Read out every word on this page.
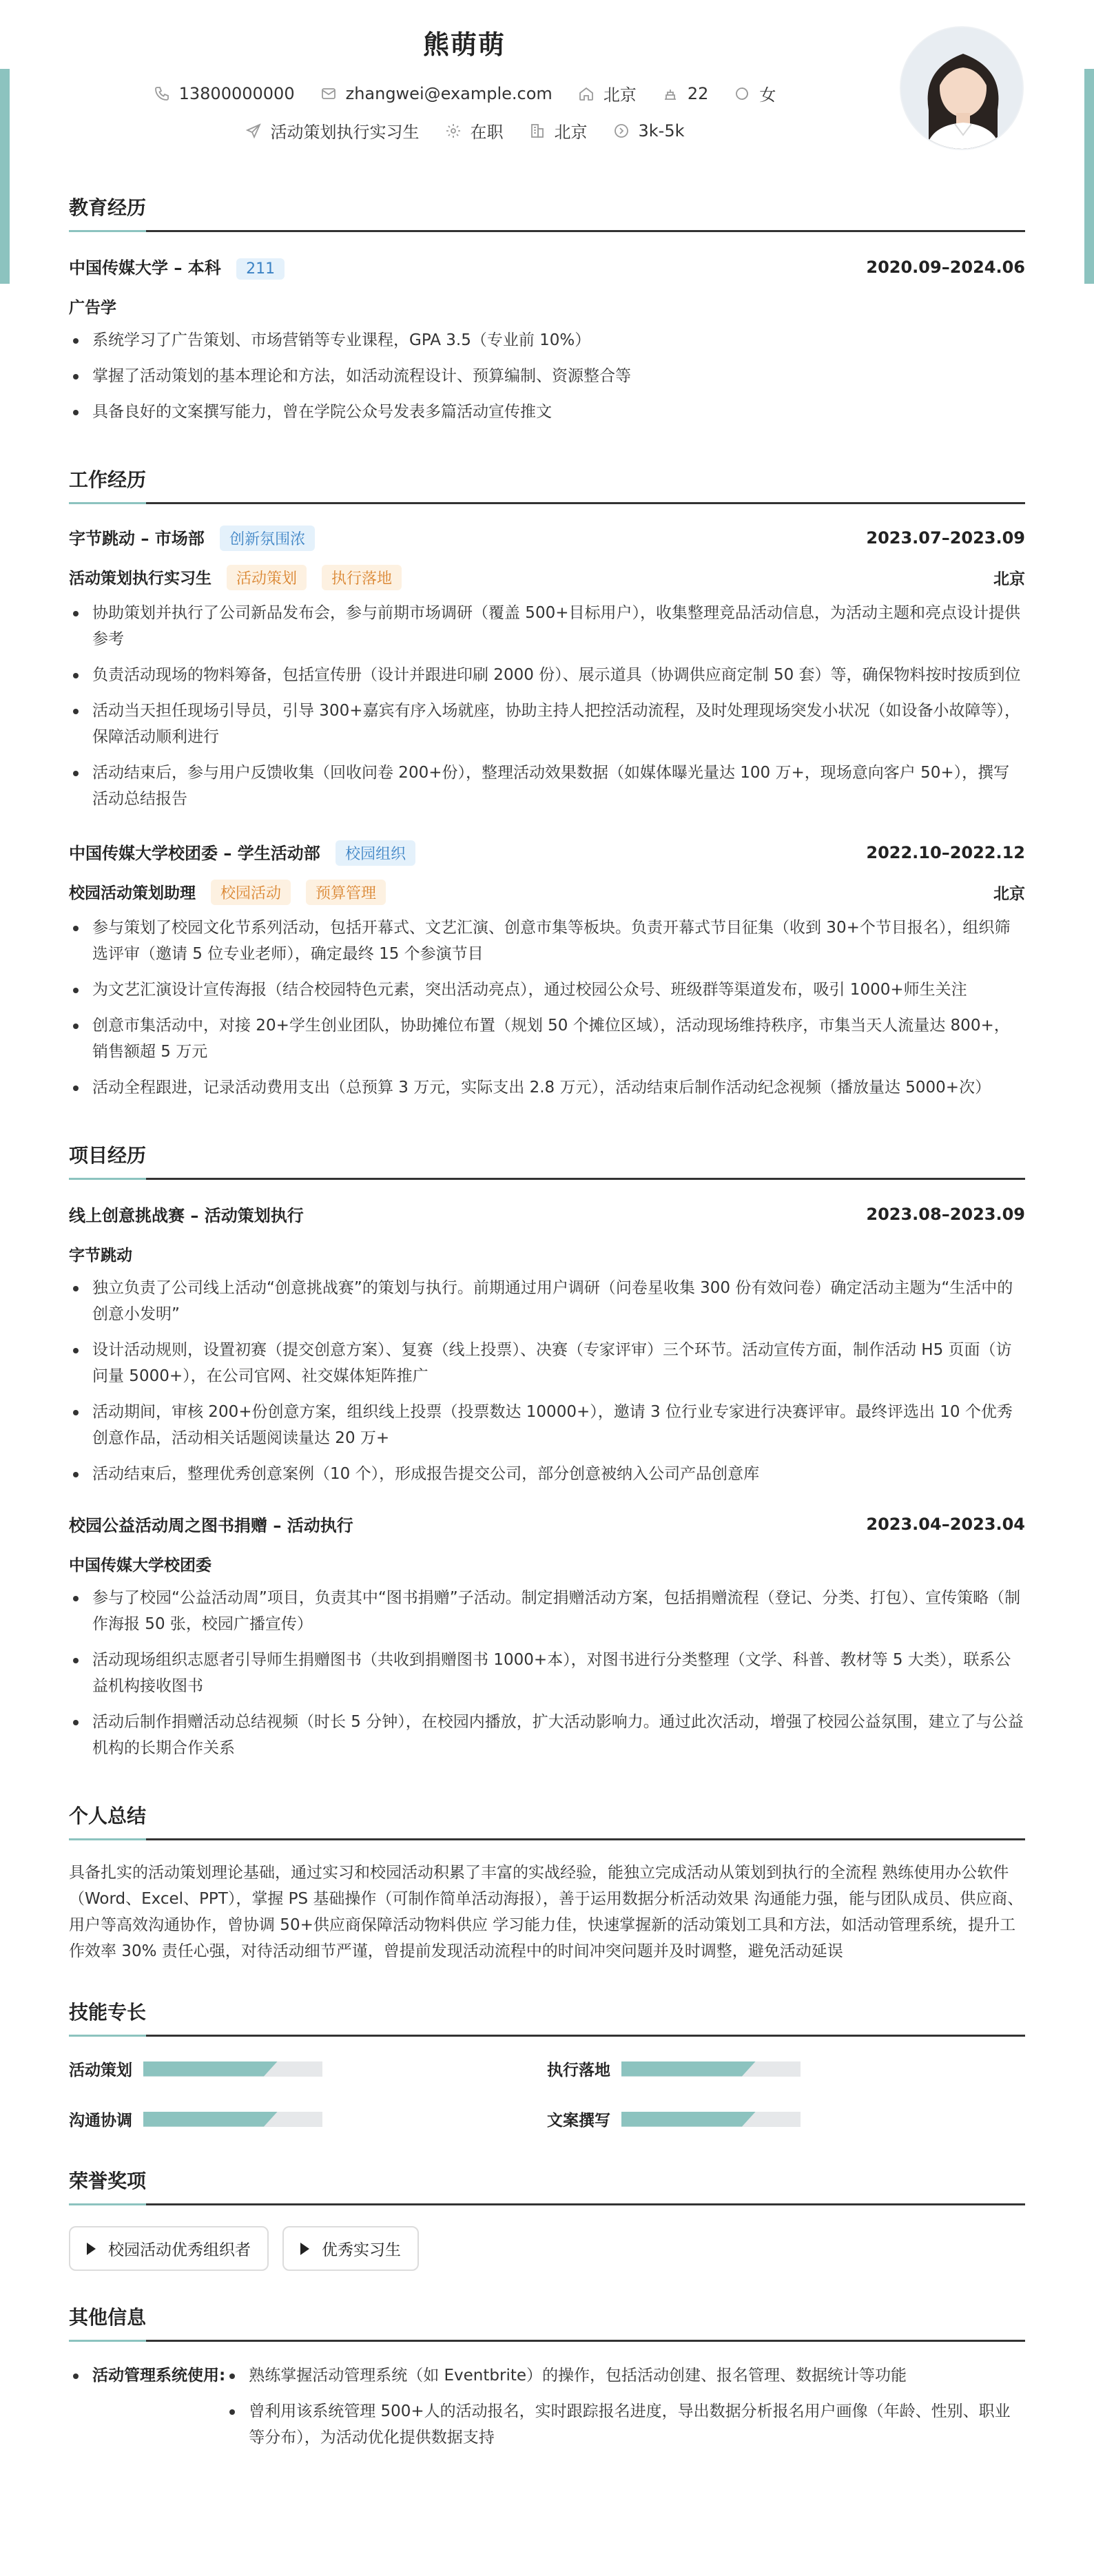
熊萌萌
13800000000	zhangwei@example.com	北京	22	女
活动策划执行实习生	在职	北京	3k-5k
教育经历
中国传媒大学 – 本科 211	2020.09–2024.06
广告学
系统学习了广告策划、市场营销等专业课程，GPA 3.5（专业前 10%）
掌握了活动策划的基本理论和方法，如活动流程设计、预算编制、资源整合等
具备良好的文案撰写能力，曾在学院公众号发表多篇活动宣传推文
工作经历
字节跳动 – 市场部 创新氛围浓	2023.07–2023.09
活动策划执行实习生 活动策划 执行落地	北京
协助策划并执行了公司新品发布会，参与前期市场调研（覆盖 500+目标用户），收集整理竞品活动信息，为活动主题和亮点设计提供参考
负责活动现场的物料筹备，包括宣传册（设计并跟进印刷 2000 份）、展示道具（协调供应商定制 50 套）等，确保物料按时按质到位
活动当天担任现场引导员，引导 300+嘉宾有序入场就座，协助主持人把控活动流程，及时处理现场突发小状况（如设备小故障等），保障活动顺利进行
活动结束后，参与用户反馈收集（回收问卷 200+份），整理活动效果数据（如媒体曝光量达 100 万+，现场意向客户 50+），撰写活动总结报告
中国传媒大学校团委 – 学生活动部 校园组织	2022.10–2022.12
校园活动策划助理 校园活动 预算管理	北京
参与策划了校园文化节系列活动，包括开幕式、文艺汇演、创意市集等板块。负责开幕式节目征集（收到 30+个节目报名），组织筛选评审（邀请 5 位专业老师），确定最终 15 个参演节目
为文艺汇演设计宣传海报（结合校园特色元素，突出活动亮点），通过校园公众号、班级群等渠道发布，吸引 1000+师生关注
创意市集活动中，对接 20+学生创业团队，协助摊位布置（规划 50 个摊位区域），活动现场维持秩序，市集当天人流量达 800+，销售额超 5 万元
活动全程跟进，记录活动费用支出（总预算 3 万元，实际支出 2.8 万元），活动结束后制作活动纪念视频（播放量达 5000+次）
项目经历
线上创意挑战赛 – 活动策划执行	2023.08–2023.09
字节跳动
独立负责了公司线上活动“创意挑战赛”的策划与执行。前期通过用户调研（问卷星收集 300 份有效问卷）确定活动主题为“生活中的创意小发明”
设计活动规则，设置初赛（提交创意方案）、复赛（线上投票）、决赛（专家评审）三个环节。活动宣传方面，制作活动 H5 页面（访问量 5000+），在公司官网、社交媒体矩阵推广
活动期间，审核 200+份创意方案，组织线上投票（投票数达 10000+），邀请 3 位行业专家进行决赛评审。最终评选出 10 个优秀创意作品，活动相关话题阅读量达 20 万+
活动结束后，整理优秀创意案例（10 个），形成报告提交公司，部分创意被纳入公司产品创意库
校园公益活动周之图书捐赠 – 活动执行	2023.04–2023.04
中国传媒大学校团委
参与了校园“公益活动周”项目，负责其中“图书捐赠”子活动。制定捐赠活动方案，包括捐赠流程（登记、分类、打包）、宣传策略（制作海报 50 张，校园广播宣传）
活动现场组织志愿者引导师生捐赠图书（共收到捐赠图书 1000+本），对图书进行分类整理（文学、科普、教材等 5 大类），联系公益机构接收图书
活动后制作捐赠活动总结视频（时长 5 分钟），在校园内播放，扩大活动影响力。通过此次活动，增强了校园公益氛围，建立了与公益机构的长期合作关系
个人总结
具备扎实的活动策划理论基础，通过实习和校园活动积累了丰富的实战经验，能独立完成活动从策划到执行的全流程 熟练使用办公软件（Word、Excel、PPT），掌握 PS 基础操作（可制作简单活动海报），善于运用数据分析活动效果 沟通能力强，能与团队成员、供应商、用户等高效沟通协作，曾协调 50+供应商保障活动物料供应 学习能力佳，快速掌握新的活动策划工具和方法，如活动管理系统，提升工作效率 30% 责任心强，对待活动细节严谨，曾提前发现活动流程中的时间冲突问题并及时调整，避免活动延误
技能专长
活动策划	执行落地
沟通协调	文案撰写
荣誉奖项
校园活动优秀组织者	优秀实习生
其他信息
活动管理系统使用:	熟练掌握活动管理系统（如 Eventbrite）的操作，包括活动创建、报名管理、数据统计等功能
曾利用该系统管理 500+人的活动报名，实时跟踪报名进度，导出数据分析报名用户画像（年龄、性别、职业等分布），为活动优化提供数据支持
